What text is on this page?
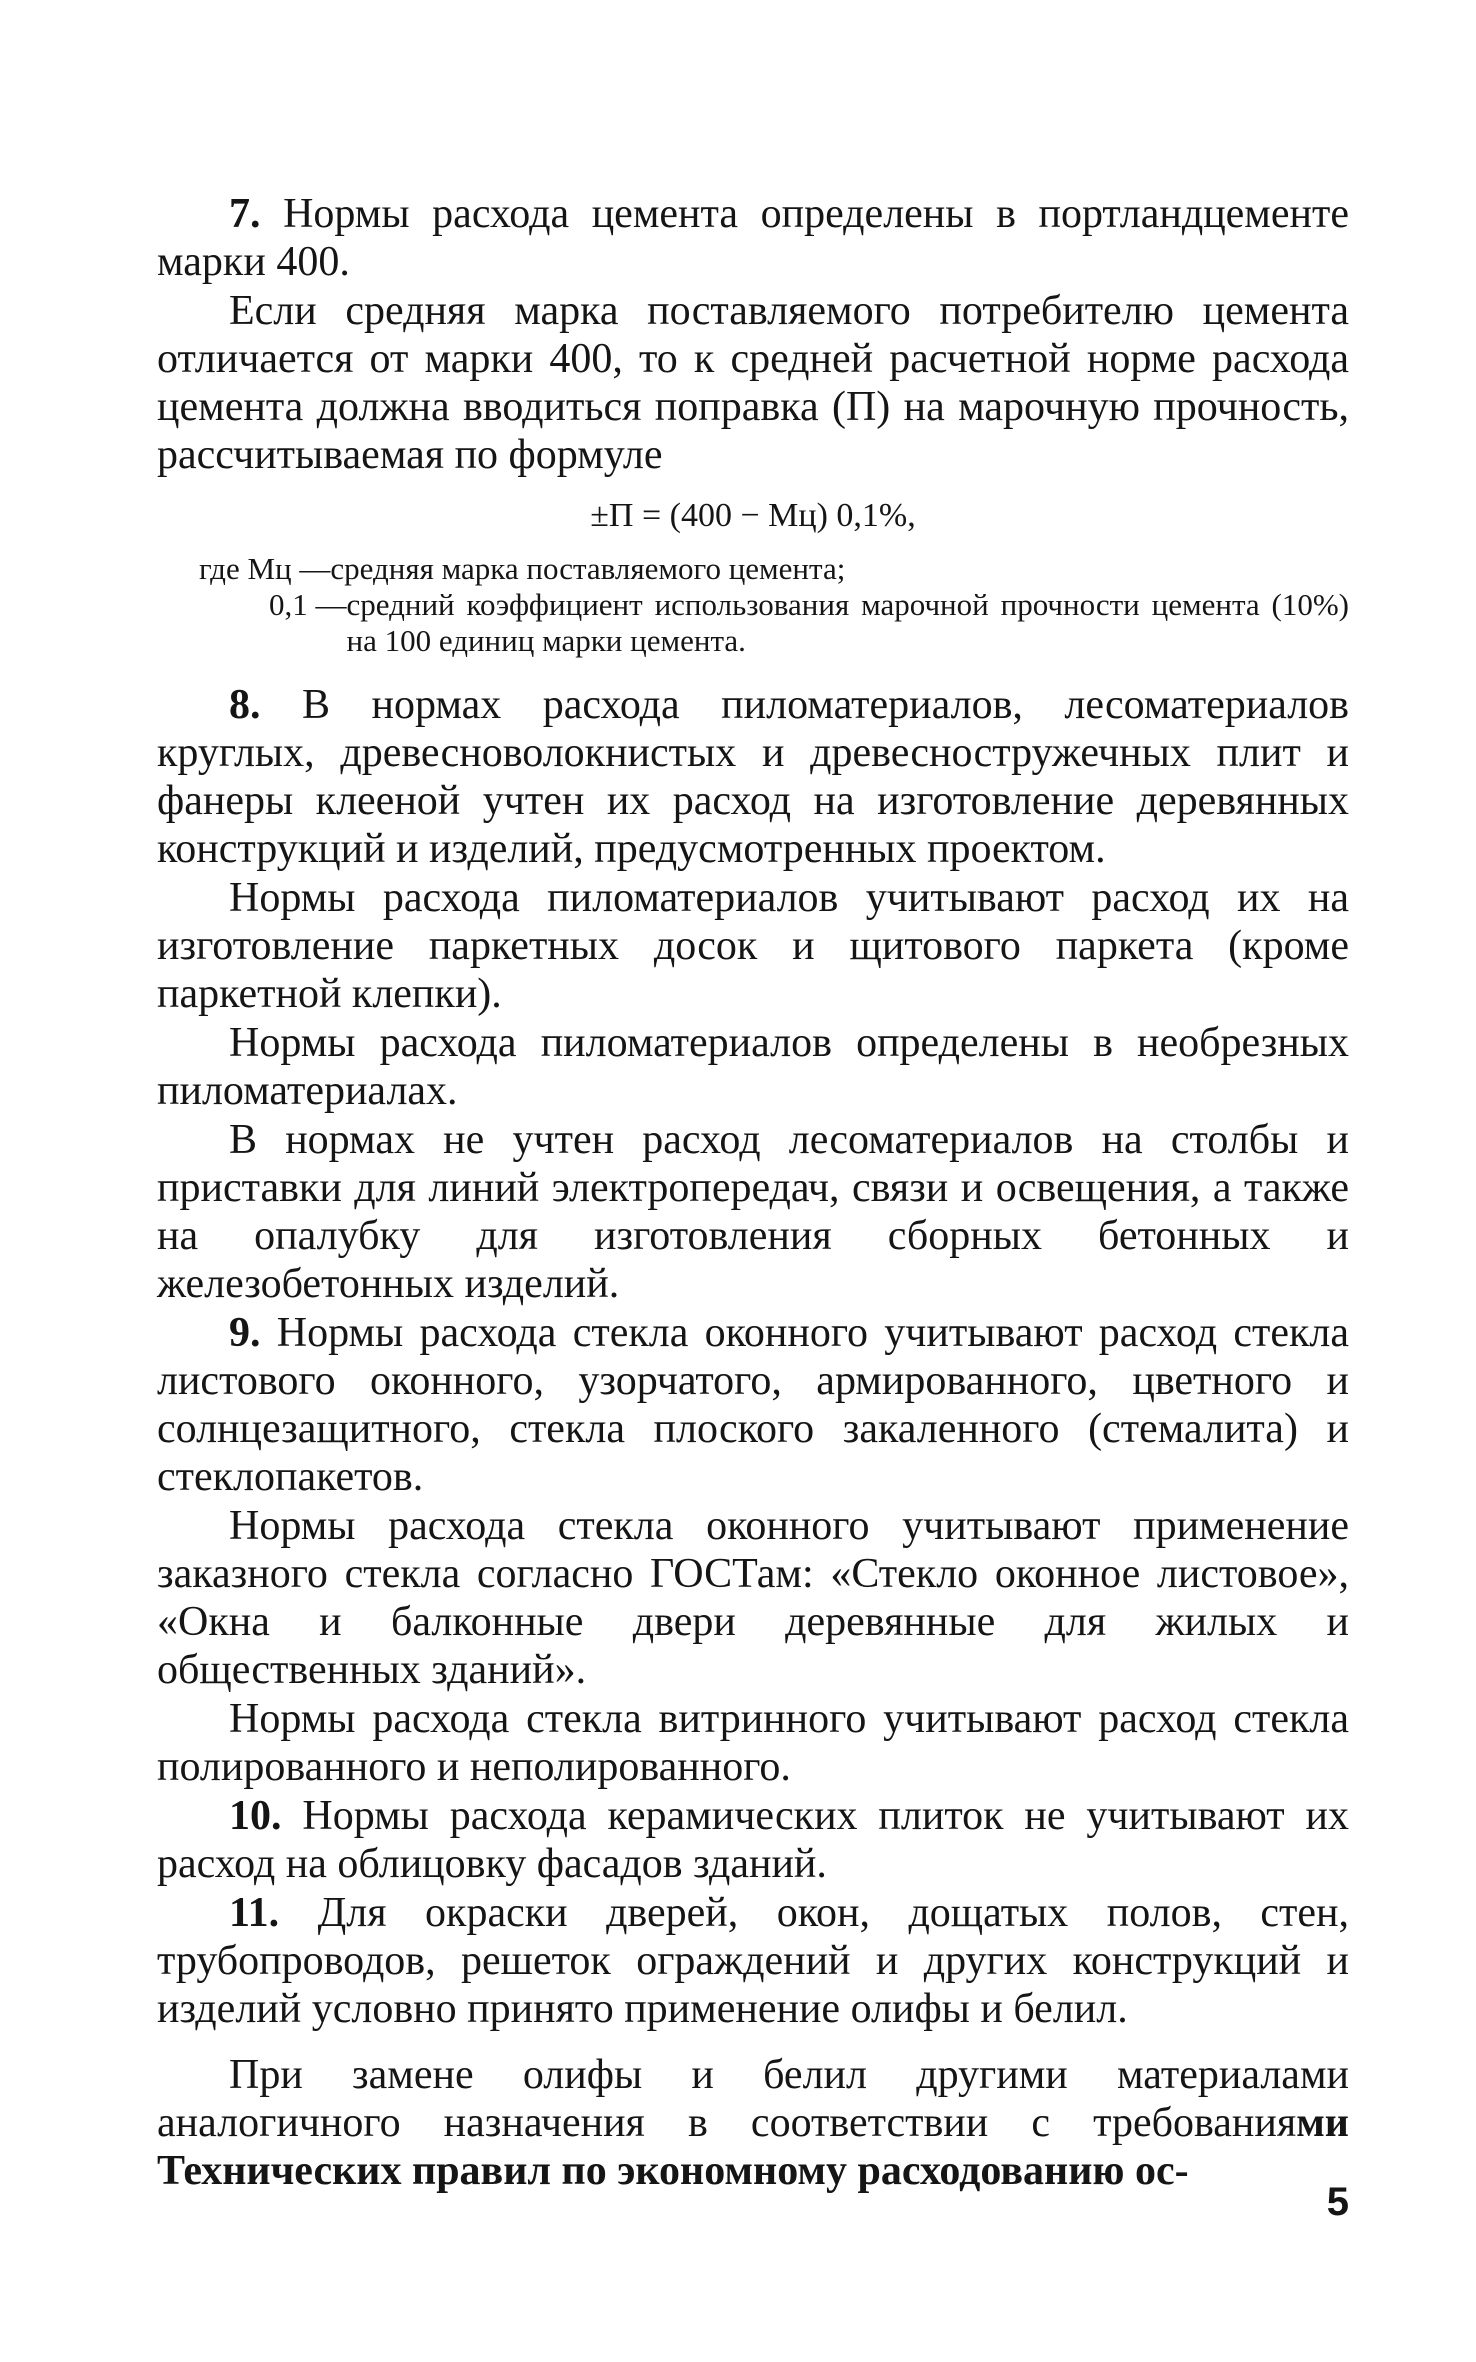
7. Нормы расхода цемента определены в портландцементе марки 400.

Если средняя марка поставляемого потребителю цемента отличается от марки 400, то к средней расчетной норме расхода цемента должна вводиться поправка (П) на марочную прочность, рассчитываемая по формуле

±П = (400 − Мц) 0,1%,
где Мц — средняя марка поставляемого цемента;
0,1 — средний коэффициент использования марочной прочности цемента (10%) на 100 единиц марки цемента.

8. В нормах расхода пиломатериалов, лесоматериалов круглых, древесноволокнистых и древесностружечных плит и фанеры клееной учтен их расход на изготовление деревянных конструкций и изделий, предусмотренных проектом.

Нормы расхода пиломатериалов учитывают расход их на изготовление паркетных досок и щитового паркета (кроме паркетной клепки).

Нормы расхода пиломатериалов определены в необрезных пиломатериалах.

В нормах не учтен расход лесоматериалов на столбы и приставки для линий электропередач, связи и освещения, а также на опалубку для изготовления сборных бетонных и железобетонных изделий.

9. Нормы расхода стекла оконного учитывают расход стекла листового оконного, узорчатого, армированного, цветного и солнцезащитного, стекла плоского закаленного (стемалита) и стеклопакетов.

Нормы расхода стекла оконного учитывают применение заказного стекла согласно ГОСТам: «Стекло оконное листовое», «Окна и балконные двери деревянные для жилых и общественных зданий».

Нормы расхода стекла витринного учитывают расход стекла полированного и неполированного.

10. Нормы расхода керамических плиток не учитывают их расход на облицовку фасадов зданий.

11. Для окраски дверей, окон, дощатых полов, стен, трубопроводов, решеток ограждений и других конструкций и изделий условно принято применение олифы и белил.

При замене олифы и белил другими материалами аналогичного назначения в соответствии с требованиями Технических правил по экономному расходованию ос-

5
